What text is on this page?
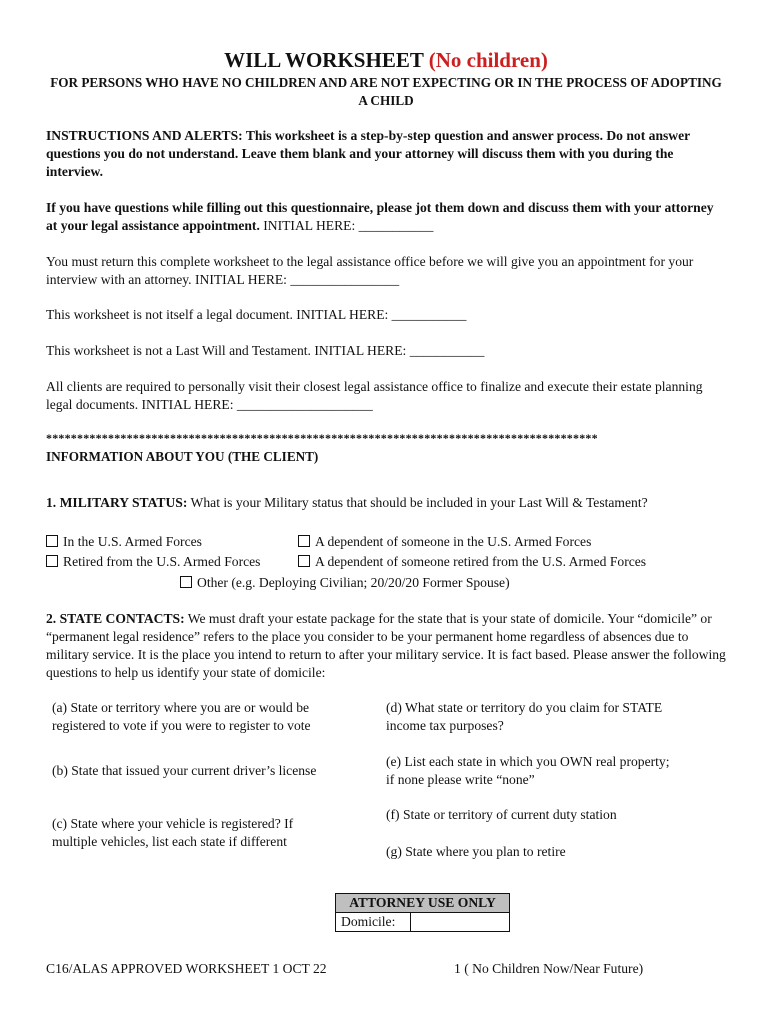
WILL WORKSHEET (No children)
FOR PERSONS WHO HAVE NO CHILDREN AND ARE NOT EXPECTING OR IN THE PROCESS OF ADOPTING A CHILD
INSTRUCTIONS AND ALERTS: This worksheet is a step-by-step question and answer process. Do not answer questions you do not understand. Leave them blank and your attorney will discuss them with you during the interview.
If you have questions while filling out this questionnaire, please jot them down and discuss them with your attorney at your legal assistance appointment. INITIAL HERE: ___________
You must return this complete worksheet to the legal assistance office before we will give you an appointment for your interview with an attorney. INITIAL HERE: ________________
This worksheet is not itself a legal document. INITIAL HERE: ___________
This worksheet is not a Last Will and Testament. INITIAL HERE: ___________
All clients are required to personally visit their closest legal assistance office to finalize and execute their estate planning legal documents. INITIAL HERE: ____________________
*****************************************************************************************
INFORMATION ABOUT YOU (THE CLIENT)
1. MILITARY STATUS: What is your Military status that should be included in your Last Will & Testament?
In the U.S. Armed Forces	A dependent of someone in the U.S. Armed Forces
Retired from the U.S. Armed Forces	A dependent of someone retired from the U.S. Armed Forces
Other (e.g. Deploying Civilian; 20/20/20 Former Spouse)
2. STATE CONTACTS: We must draft your estate package for the state that is your state of domicile. Your “domicile” or “permanent legal residence” refers to the place you consider to be your permanent home regardless of absences due to military service. It is the place you intend to return to after your military service. It is fact based. Please answer the following questions to help us identify your state of domicile:
(a) State or territory where you are or would be registered to vote if you were to register to vote
(b) State that issued your current driver’s license
(c) State where your vehicle is registered? If multiple vehicles, list each state if different
(d) What state or territory do you claim for STATE income tax purposes?
(e) List each state in which you OWN real property; if none please write “none”
(f) State or territory of current duty station
(g) State where you plan to retire
ATTORNEY USE ONLY
Domicile:	
C16/ALAS APPROVED WORKSHEET 1 OCT 22	1 ( No Children Now/Near Future)
